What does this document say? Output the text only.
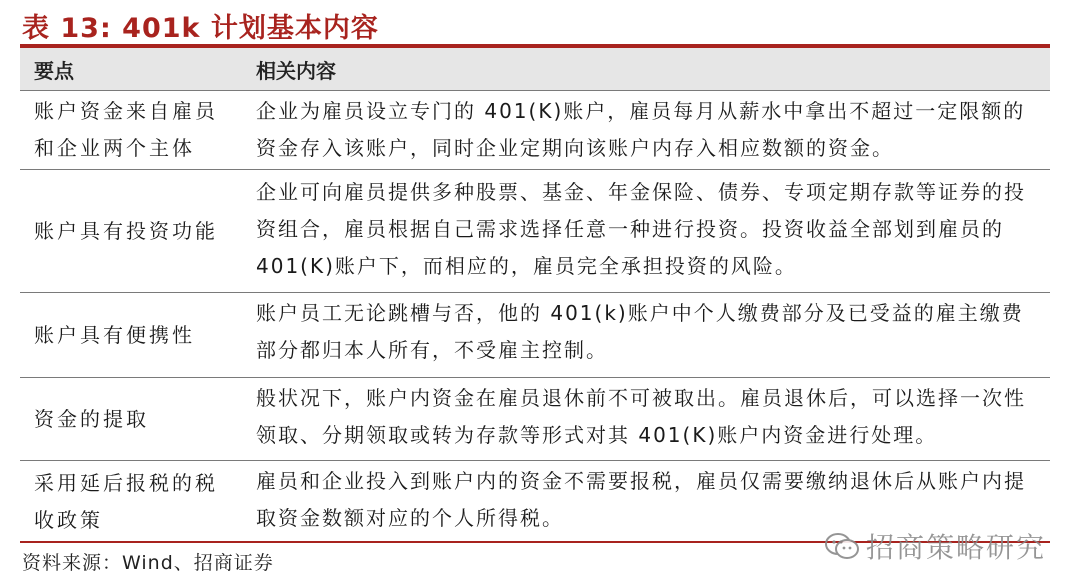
表 13: 401k 计划基本内容
要点	相关内容
账户资金来自雇员和企业两个主体
企业为雇员设立专门的 401(K)账户，雇员每月从薪水中拿出不超过一定限额的资金存入该账户，同时企业定期向该账户内存入相应数额的资金。
账户具有投资功能
企业可向雇员提供多种股票、基金、年金保险、债券、专项定期存款等证券的投资组合，雇员根据自己需求选择任意一种进行投资。投资收益全部划到雇员的 401(K)账户下，而相应的，雇员完全承担投资的风险。
账户具有便携性
账户员工无论跳槽与否，他的 401(k)账户中个人缴费部分及已受益的雇主缴费部分都归本人所有，不受雇主控制。
资金的提取
般状况下，账户内资金在雇员退休前不可被取出。雇员退休后，可以选择一次性领取、分期领取或转为存款等形式对其 401(K)账户内资金进行处理。
采用延后报税的税收政策
雇员和企业投入到账户内的资金不需要报税，雇员仅需要缴纳退休后从账户内提取资金数额对应的个人所得税。
资料来源：Wind、招商证券	招商策略研究
